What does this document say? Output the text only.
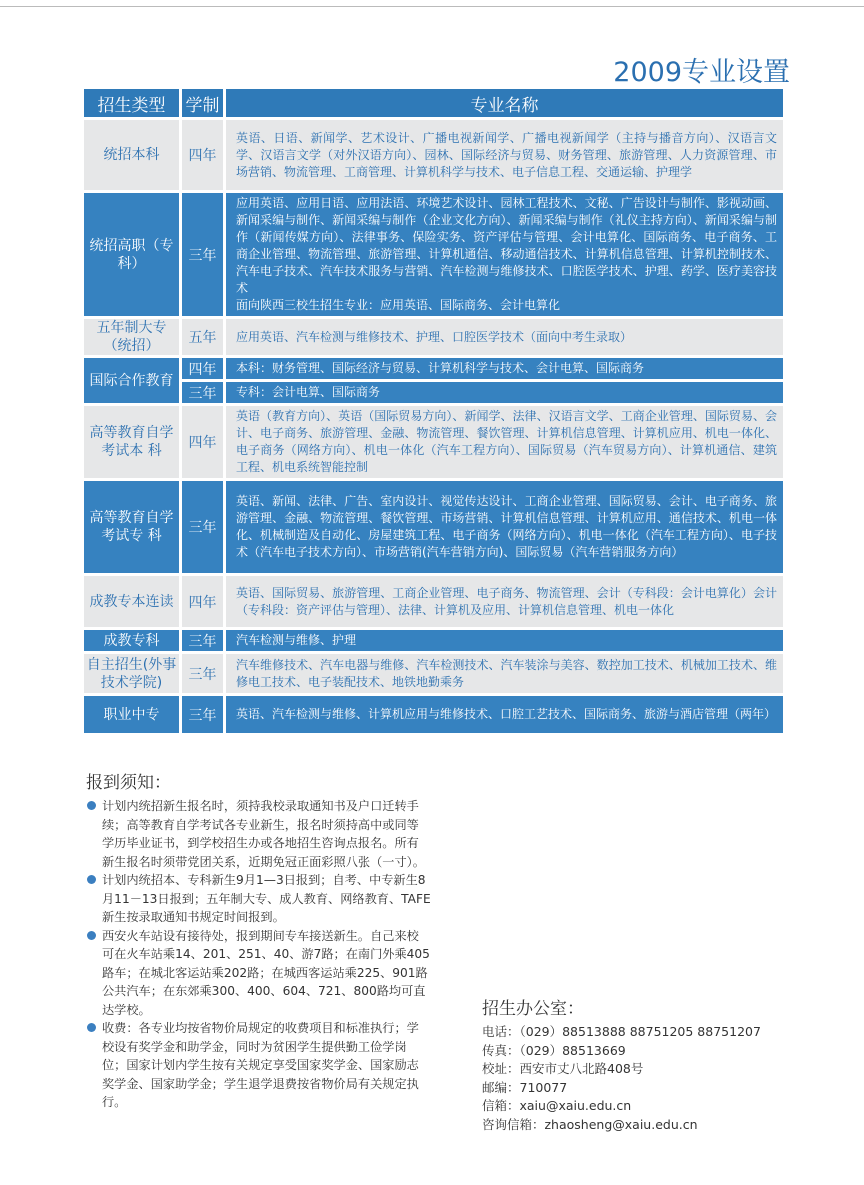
2009专业设置
招生类型	学制	专业名称
统招本科	四年	英语、日语、新闻学、艺术设计、广播电视新闻学、广播电视新闻学（主持与播音方向）、汉语言文学、汉语言文学（对外汉语方向）、园林、国际经济与贸易、财务管理、旅游管理、人力资源管理、市场营销、物流管理、工商管理、计算机科学与技术、电子信息工程、交通运输、护理学
统招高职（专科）	三年	应用英语、应用日语、应用法语、环境艺术设计、园林工程技术、文秘、广告设计与制作、影视动画、新闻采编与制作、新闻采编与制作（企业文化方向）、新闻采编与制作（礼仪主持方向）、新闻采编与制作（新闻传媒方向）、法律事务、保险实务、资产评估与管理、会计电算化、国际商务、电子商务、工商企业管理、物流管理、旅游管理、计算机通信、移动通信技术、计算机信息管理、计算机控制技术、汽车电子技术、汽车技术服务与营销、汽车检测与维修技术、口腔医学技术、护理、药学、医疗美容技术
面向陕西三校生招生专业：应用英语、国际商务、会计电算化

五年制大专（统招）	五年	应用英语、汽车检测与维修技术、护理、口腔医学技术（面向中考生录取）
国际合作教育	四年	本科：财务管理、国际经济与贸易、计算机科学与技术、会计电算、国际商务
	三年	专科：会计电算、国际商务
高等教育自学考试本 科	四年	英语（教育方向）、英语（国际贸易方向）、新闻学、法律、汉语言文学、工商企业管理、国际贸易、会计、电子商务、旅游管理、金融、物流管理、餐饮管理、计算机信息管理、计算机应用、机电一体化、电子商务（网络方向）、机电一体化（汽车工程方向）、国际贸易（汽车贸易方向）、计算机通信、建筑工程、机电系统智能控制
高等教育自学考试专 科	三年	英语、新闻、法律、广告、室内设计、视觉传达设计、工商企业管理、国际贸易、会计、电子商务、旅游管理、金融、物流管理、餐饮管理、市场营销、计算机信息管理、计算机应用、通信技术、机电一体化、机械制造及自动化、房屋建筑工程、电子商务（网络方向）、机电一体化（汽车工程方向）、电子技术（汽车电子技术方向）、市场营销(汽车营销方向)、国际贸易（汽车营销服务方向）
成教专本连读	四年	英语、国际贸易、旅游管理、工商企业管理、电子商务、物流管理、会计（专科段：会计电算化）会计（专科段：资产评估与管理）、法律、计算机及应用、计算机信息管理、机电一体化
成教专科	三年	汽车检测与维修、护理
自主招生(外事技术学院)	三年	汽车维修技术、汽车电器与维修、汽车检测技术、汽车装涂与美容、数控加工技术、机械加工技术、维修电工技术、电子装配技术、地铁地勤乘务
职业中专	三年	英语、汽车检测与维修、计算机应用与维修技术、口腔工艺技术、国际商务、旅游与酒店管理（两年）
报到须知：
计划内统招新生报名时，须持我校录取通知书及户口迁转手续；高等教育自学考试各专业新生，报名时须持高中或同等学历毕业证书，到学校招生办或各地招生咨询点报名。所有新生报名时须带党团关系，近期免冠正面彩照八张（一寸）。
计划内统招本、专科新生9月1—3日报到；自考、中专新生8月11－13日报到；五年制大专、成人教育、网络教育、TAFE新生按录取通知书规定时间报到。
西安火车站设有接待处，报到期间专车接送新生。自己来校可在火车站乘14、201、251、40、游7路；在南门外乘405路车；在城北客运站乘202路；在城西客运站乘225、901路公共汽车；在东郊乘300、400、604、721、800路均可直达学校。
收费：各专业均按省物价局规定的收费项目和标准执行；学校设有奖学金和助学金，同时为贫困学生提供勤工俭学岗位；国家计划内学生按有关规定享受国家奖学金、国家励志奖学金、国家助学金；学生退学退费按省物价局有关规定执行。
招生办公室：
电话：（029）88513888 88751205 88751207
传真：（029）88513669
校址：西安市丈八北路408号
邮编：710077
信箱：xaiu@xaiu.edu.cn
咨询信箱：zhaosheng@xaiu.edu.cn
